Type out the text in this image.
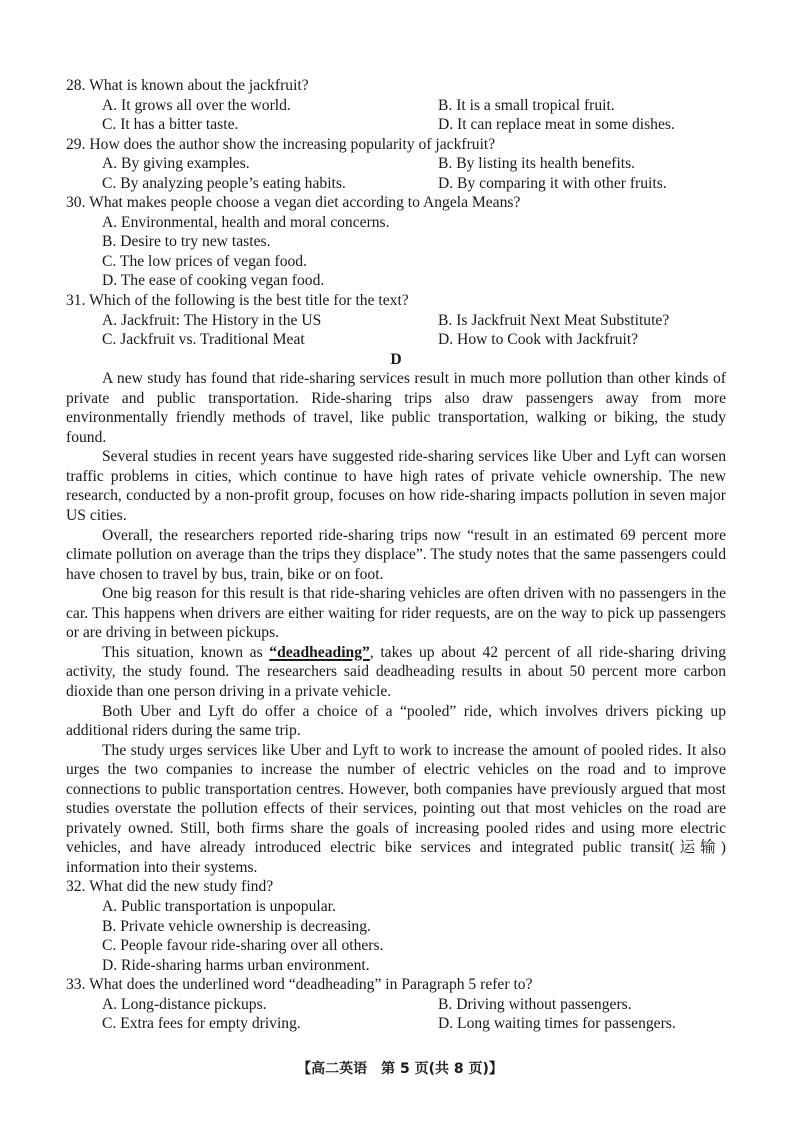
28. What is known about the jackfruit?
A. It grows all over the world.	B. It is a small tropical fruit.
C. It has a bitter taste.	D. It can replace meat in some dishes.
29. How does the author show the increasing popularity of jackfruit?
A. By giving examples.	B. By listing its health benefits.
C. By analyzing people’s eating habits.	D. By comparing it with other fruits.
30. What makes people choose a vegan diet according to Angela Means?
A. Environmental, health and moral concerns.
B. Desire to try new tastes.
C. The low prices of vegan food.
D. The ease of cooking vegan food.
31. Which of the following is the best title for the text?
A. Jackfruit: The History in the US	B. Is Jackfruit Next Meat Substitute?
C. Jackfruit vs. Traditional Meat	D. How to Cook with Jackfruit?
D

A new study has found that ride-sharing services result in much more pollution than other kinds of private and public transportation. Ride-sharing trips also draw passengers away from more environmentally friendly methods of travel, like public transportation, walking or biking, the study found.

Several studies in recent years have suggested ride-sharing services like Uber and Lyft can worsen traffic problems in cities, which continue to have high rates of private vehicle ownership. The new research, conducted by a non-profit group, focuses on how ride-sharing impacts pollution in seven major US cities.

Overall, the researchers reported ride-sharing trips now “result in an estimated 69 percent more climate pollution on average than the trips they displace”. The study notes that the same passengers could have chosen to travel by bus, train, bike or on foot.

One big reason for this result is that ride-sharing vehicles are often driven with no passengers in the car. This happens when drivers are either waiting for rider requests, are on the way to pick up passengers or are driving in between pickups.

This situation, known as “deadheading”, takes up about 42 percent of all ride-sharing driving activity, the study found. The researchers said deadheading results in about 50 percent more carbon dioxide than one person driving in a private vehicle.

Both Uber and Lyft do offer a choice of a “pooled” ride, which involves drivers picking up additional riders during the same trip.

The study urges services like Uber and Lyft to work to increase the amount of pooled rides. It also urges the two companies to increase the number of electric vehicles on the road and to improve connections to public transportation centres. However, both companies have previously argued that most studies overstate the pollution effects of their services, pointing out that most vehicles on the road are privately owned. Still, both firms share the goals of increasing pooled rides and using more electric vehicles, and have already introduced electric bike services and integrated public transit(运输) information into their systems.

32. What did the new study find?
A. Public transportation is unpopular.
B. Private vehicle ownership is decreasing.
C. People favour ride-sharing over all others.
D. Ride-sharing harms urban environment.
33. What does the underlined word “deadheading” in Paragraph 5 refer to?
A. Long-distance pickups.	B. Driving without passengers.
C. Extra fees for empty driving.	D. Long waiting times for passengers.
【高二英语　第 5 页(共 8 页)】
